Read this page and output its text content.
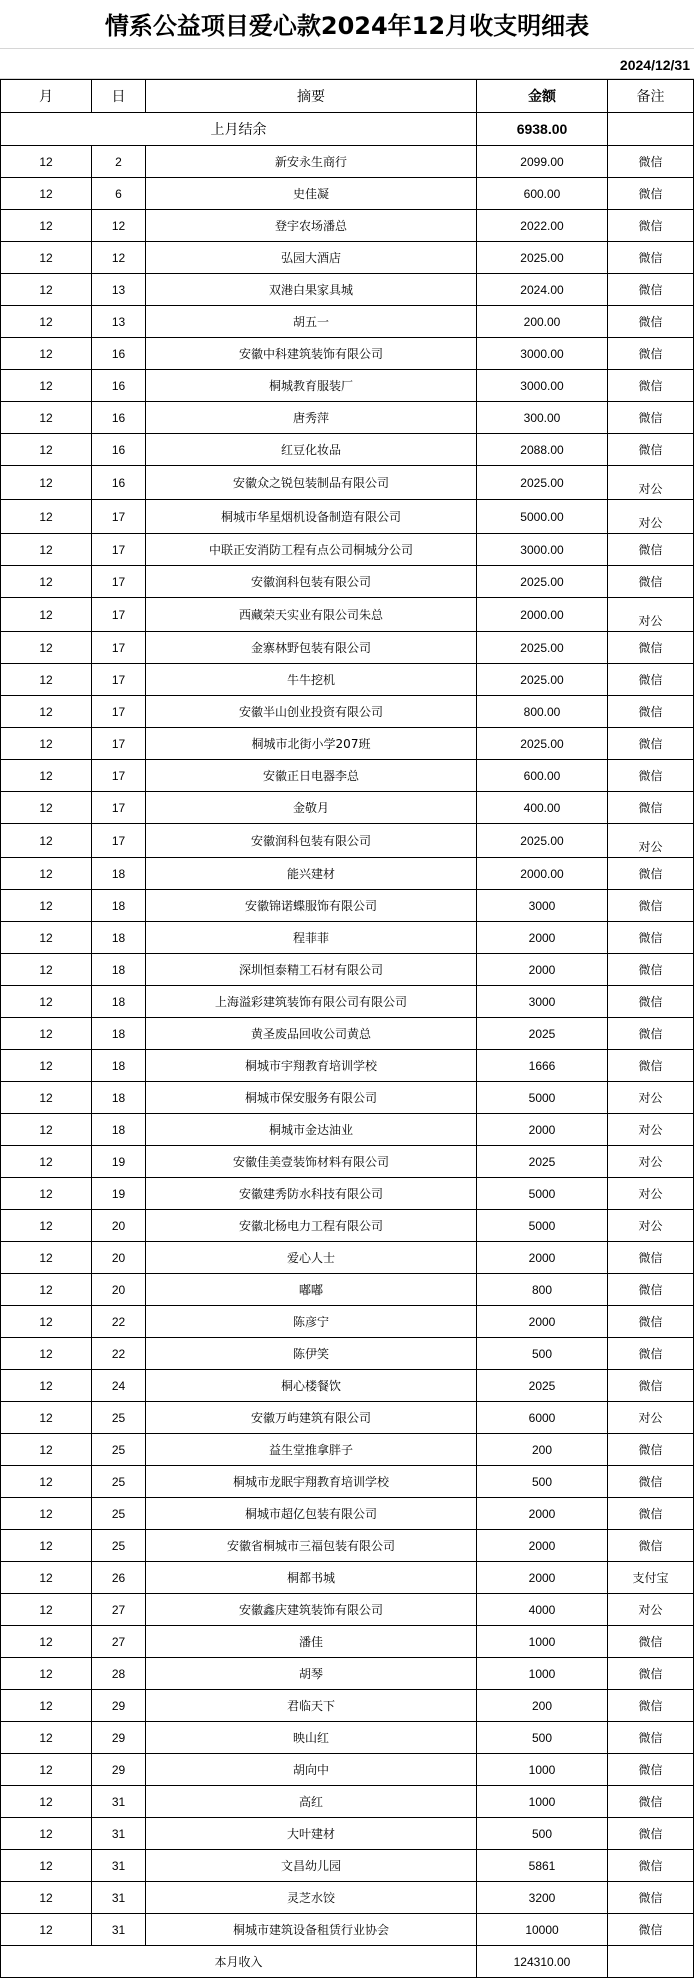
情系公益项目爱心款2024年12月收支明细表
2024/12/31
月	日	摘要	金额	备注
上月结余			6938.00	
12	2	新安永生商行	2099.00	微信
12	6	史佳凝	600.00	微信
12	12	登宇农场潘总	2022.00	微信
12	12	弘园大酒店	2025.00	微信
12	13	双港白果家具城	2024.00	微信
12	13	胡五一	200.00	微信
12	16	安徽中科建筑装饰有限公司	3000.00	微信
12	16	桐城教育服装厂	3000.00	微信
12	16	唐秀萍	300.00	微信
12	16	红豆化妆品	2088.00	微信
12	16	安徽众之锐包装制品有限公司	2025.00	对公
12	17	桐城市华星烟机设备制造有限公司	5000.00	对公
12	17	中联正安消防工程有点公司桐城分公司	3000.00	微信
12	17	安徽润科包装有限公司	2025.00	微信
12	17	西藏荣天实业有限公司朱总	2000.00	对公
12	17	金寨林野包装有限公司	2025.00	微信
12	17	牛牛挖机	2025.00	微信
12	17	安徽半山创业投资有限公司	800.00	微信
12	17	桐城市北街小学207班	2025.00	微信
12	17	安徽正日电器李总	600.00	微信
12	17	金敬月	400.00	微信
12	17	安徽润科包装有限公司	2025.00	对公
12	18	能兴建材	2000.00	微信
12	18	安徽锦诺蝶服饰有限公司	3000	微信
12	18	程菲菲	2000	微信
12	18	深圳恒泰精工石材有限公司	2000	微信
12	18	上海溢彩建筑装饰有限公司有限公司	3000	微信
12	18	黄圣废品回收公司黄总	2025	微信
12	18	桐城市宇翔教育培训学校	1666	微信
12	18	桐城市保安服务有限公司	5000	对公
12	18	桐城市金达油业	2000	对公
12	19	安徽佳美壹装饰材料有限公司	2025	对公
12	19	安徽建秀防水科技有限公司	5000	对公
12	20	安徽北杨电力工程有限公司	5000	对公
12	20	爱心人士	2000	微信
12	20	嘟嘟	800	微信
12	22	陈彦宁	2000	微信
12	22	陈伊笑	500	微信
12	24	桐心楼餐饮	2025	微信
12	25	安徽万屿建筑有限公司	6000	对公
12	25	益生堂推拿胖子	200	微信
12	25	桐城市龙眠宇翔教育培训学校	500	微信
12	25	桐城市超亿包装有限公司	2000	微信
12	25	安徽省桐城市三福包装有限公司	2000	微信
12	26	桐都书城	2000	支付宝
12	27	安徽鑫庆建筑装饰有限公司	4000	对公
12	27	潘佳	1000	微信
12	28	胡琴	1000	微信
12	29	君临天下	200	微信
12	29	映山红	500	微信
12	29	胡向中	1000	微信
12	31	高红	1000	微信
12	31	大叶建材	500	微信
12	31	文昌幼儿园	5861	微信
12	31	灵芝水饺	3200	微信
12	31	桐城市建筑设备租赁行业协会	10000	微信
本月收入			124310.00	
